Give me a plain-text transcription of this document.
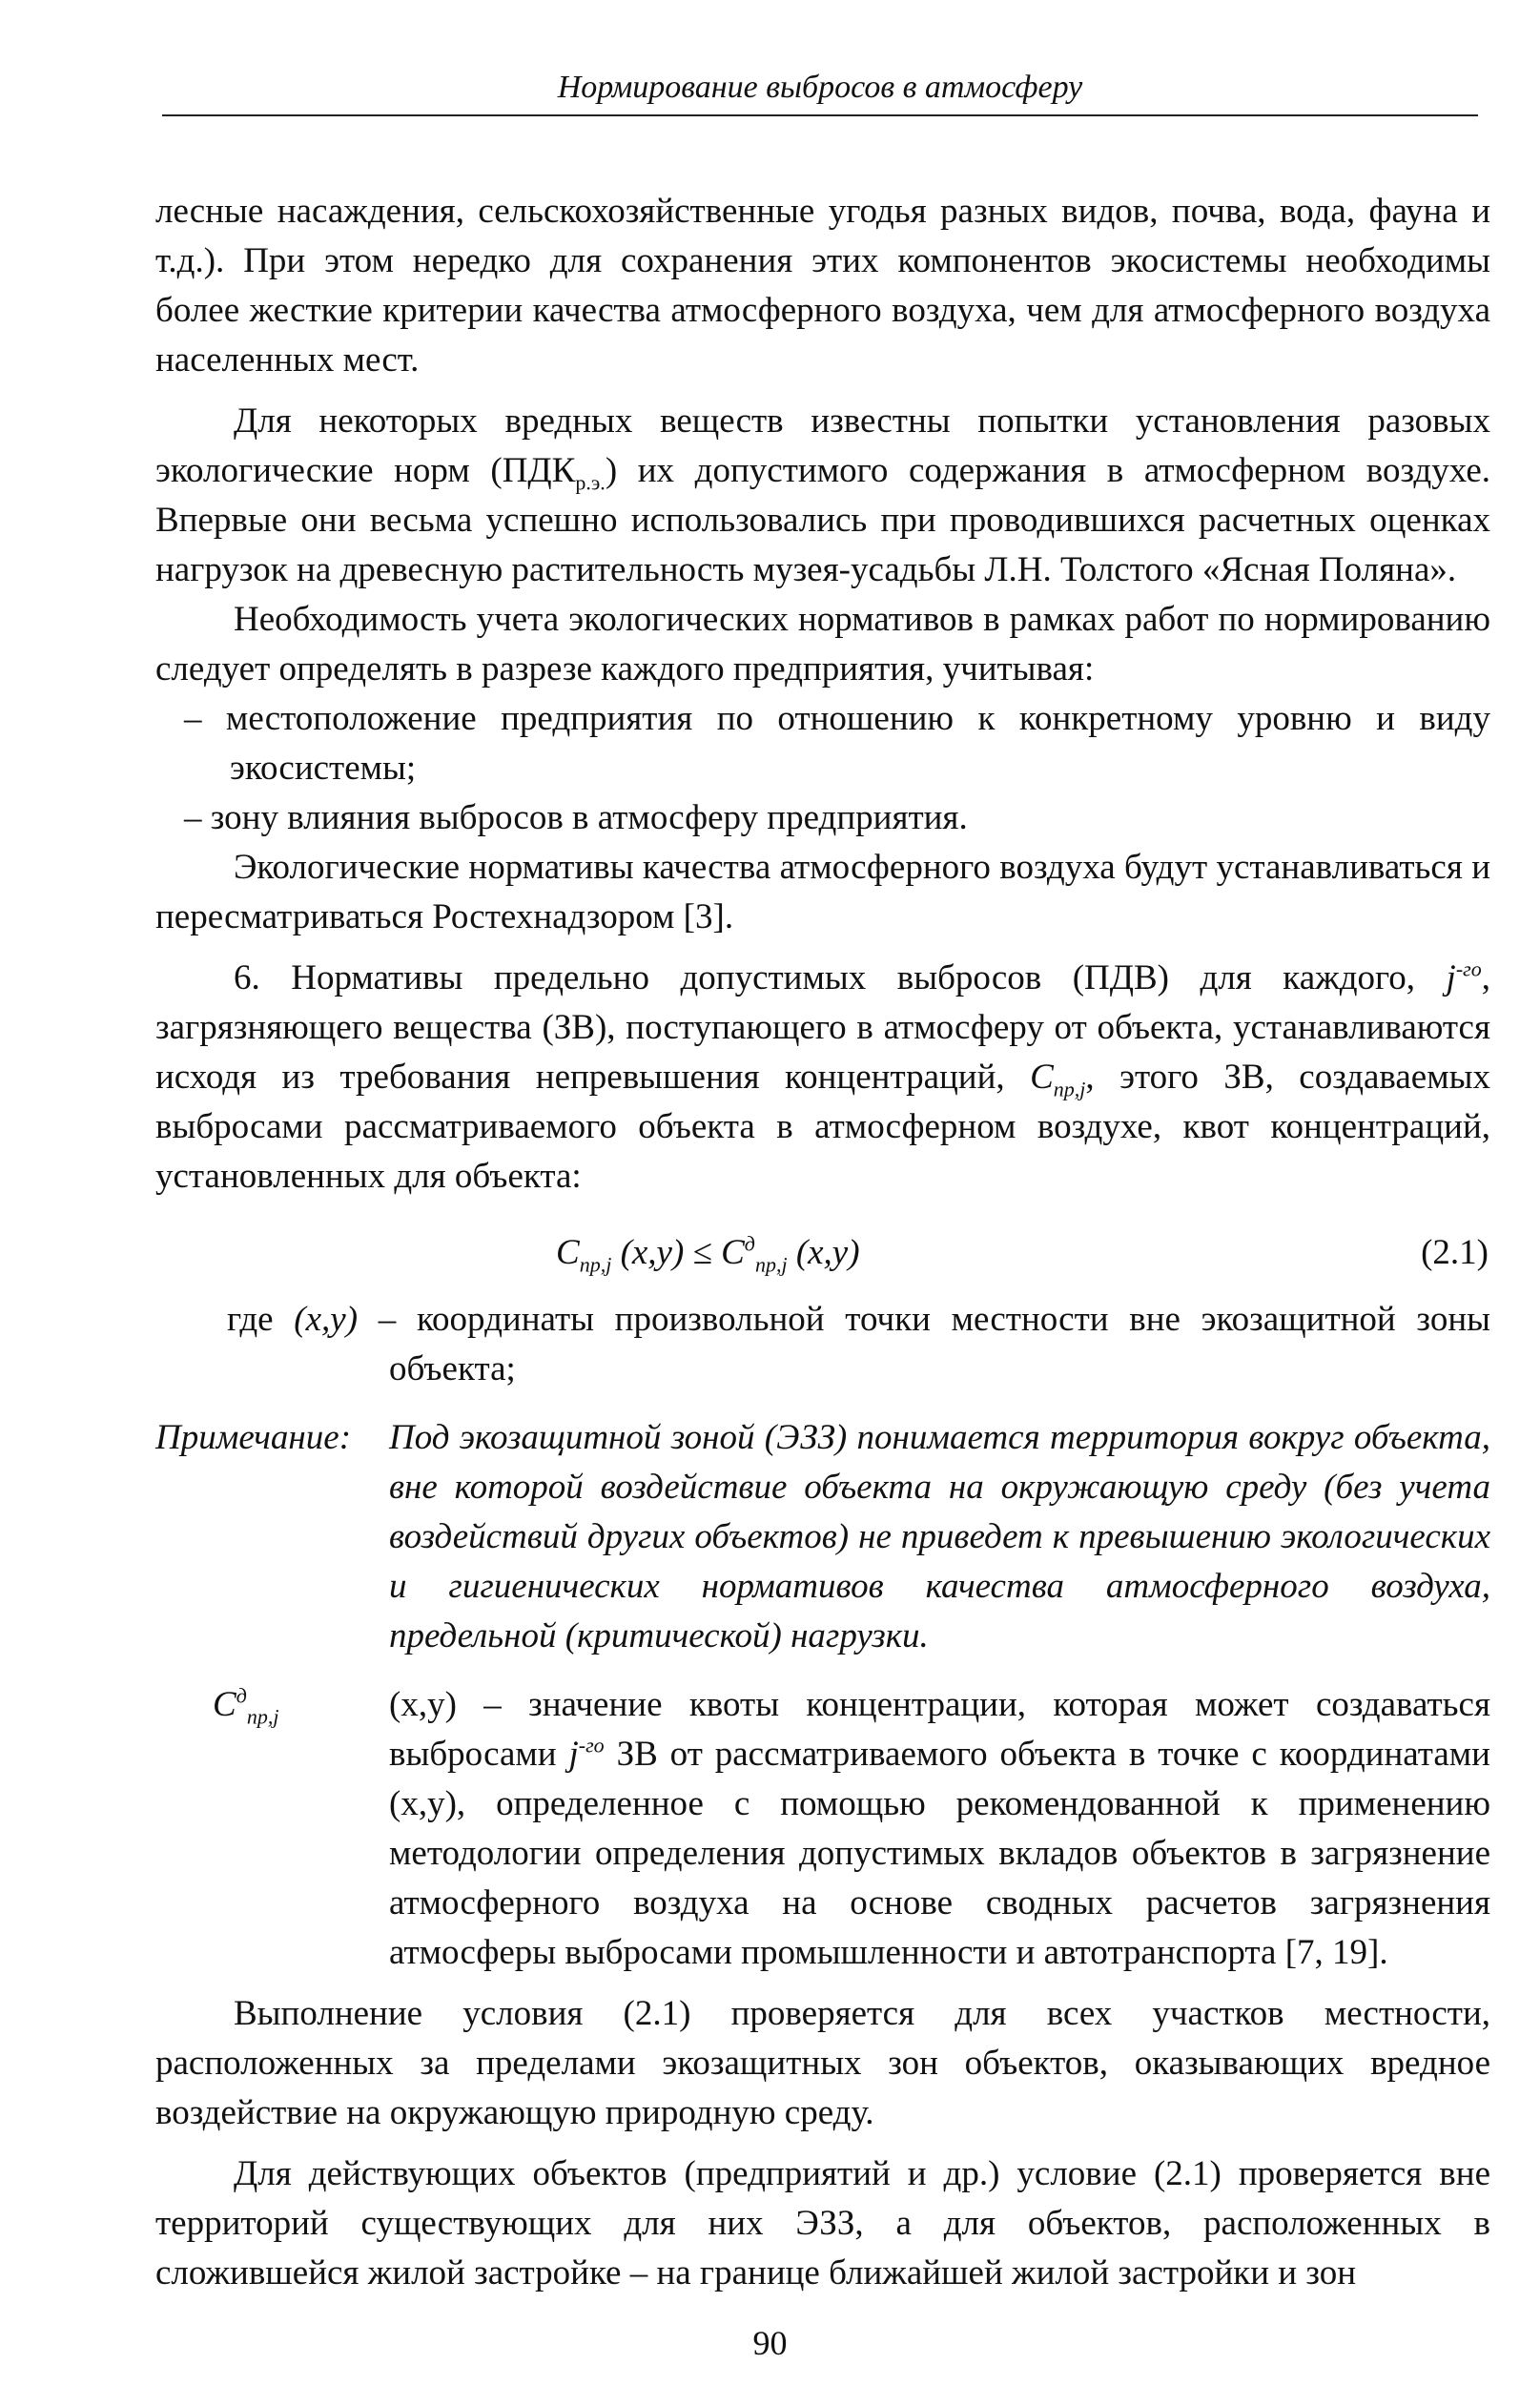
Нормирование выбросов в атмосферу

лесные насаждения, сельскохозяйственные угодья разных видов, почва, вода, фауна и т.д.). При этом нередко для сохранения этих компонентов экосистемы необходимы более жесткие критерии качества атмосферного воздуха, чем для атмосферного воздуха населенных мест.

Для некоторых вредных веществ известны попытки установления разовых экологические норм $(ПДК_{р.э.})$ их допустимого содержания в атмосферном воздухе. Впервые они весьма успешно использовались при проводившихся расчетных оценках нагрузок на древесную растительность музея-усадьбы Л.Н. Толстого «Ясная Поляна».

Необходимость учета экологических нормативов в рамках работ по нормированию следует определять в разрезе каждого предприятия, учитывая:

– местоположение предприятия по отношению к конкретному уровню и виду экосистемы;

– зону влияния выбросов в атмосферу предприятия.

Экологические нормативы качества атмосферного воздуха будут устанавливаться и пересматриваться Ростехнадзором [3].

6. Нормативы предельно допустимых выбросов (ПДВ) для каждого, $j^{-го}$, загрязняющего вещества (ЗВ), поступающего в атмосферу от объекта, устанавливаются исходя из требования непревышения концентраций, $C_{пр,j}$, этого ЗВ, создаваемых выбросами рассматриваемого объекта в атмосферном воздухе, квот концентраций, установленных для объекта:

$C_{пр,j}$ $(x,y) \le C^д_{пр,j}$ (x,y)	(2.1)

где (x,y) – координаты произвольной точки местности вне экозащитной зоны объекта;

Примечание: Под экозащитной зоной (ЭЗЗ) понимается территория вокруг объекта, вне которой воздействие объекта на окружающую среду (без учета воздействий других объектов) не приведет к превышению экологических и гигиенических нормативов качества атмосферного воздуха, предельной (критической) нагрузки.
$C^д_{пр,j}$	(x,y) – значение квоты концентрации, которая может создаваться выбросами $j^{-го}$ ЗВ от рассматриваемого объекта в точке с координатами (x,y), определенное с помощью рекомендованной к применению методологии определения допустимых вкладов объектов в загрязнение атмосферного воздуха на основе сводных расчетов загрязнения атмосферы выбросами промышленности и автотранспорта [7, 19].

Выполнение условия (2.1) проверяется для всех участков местности, расположенных за пределами экозащитных зон объектов, оказывающих вредное воздействие на окружающую природную среду.

Для действующих объектов (предприятий и др.) условие (2.1) проверяется вне территорий существующих для них ЭЗЗ, а для объектов, расположенных в сложившейся жилой застройке – на границе ближайшей жилой застройки и зон

90
